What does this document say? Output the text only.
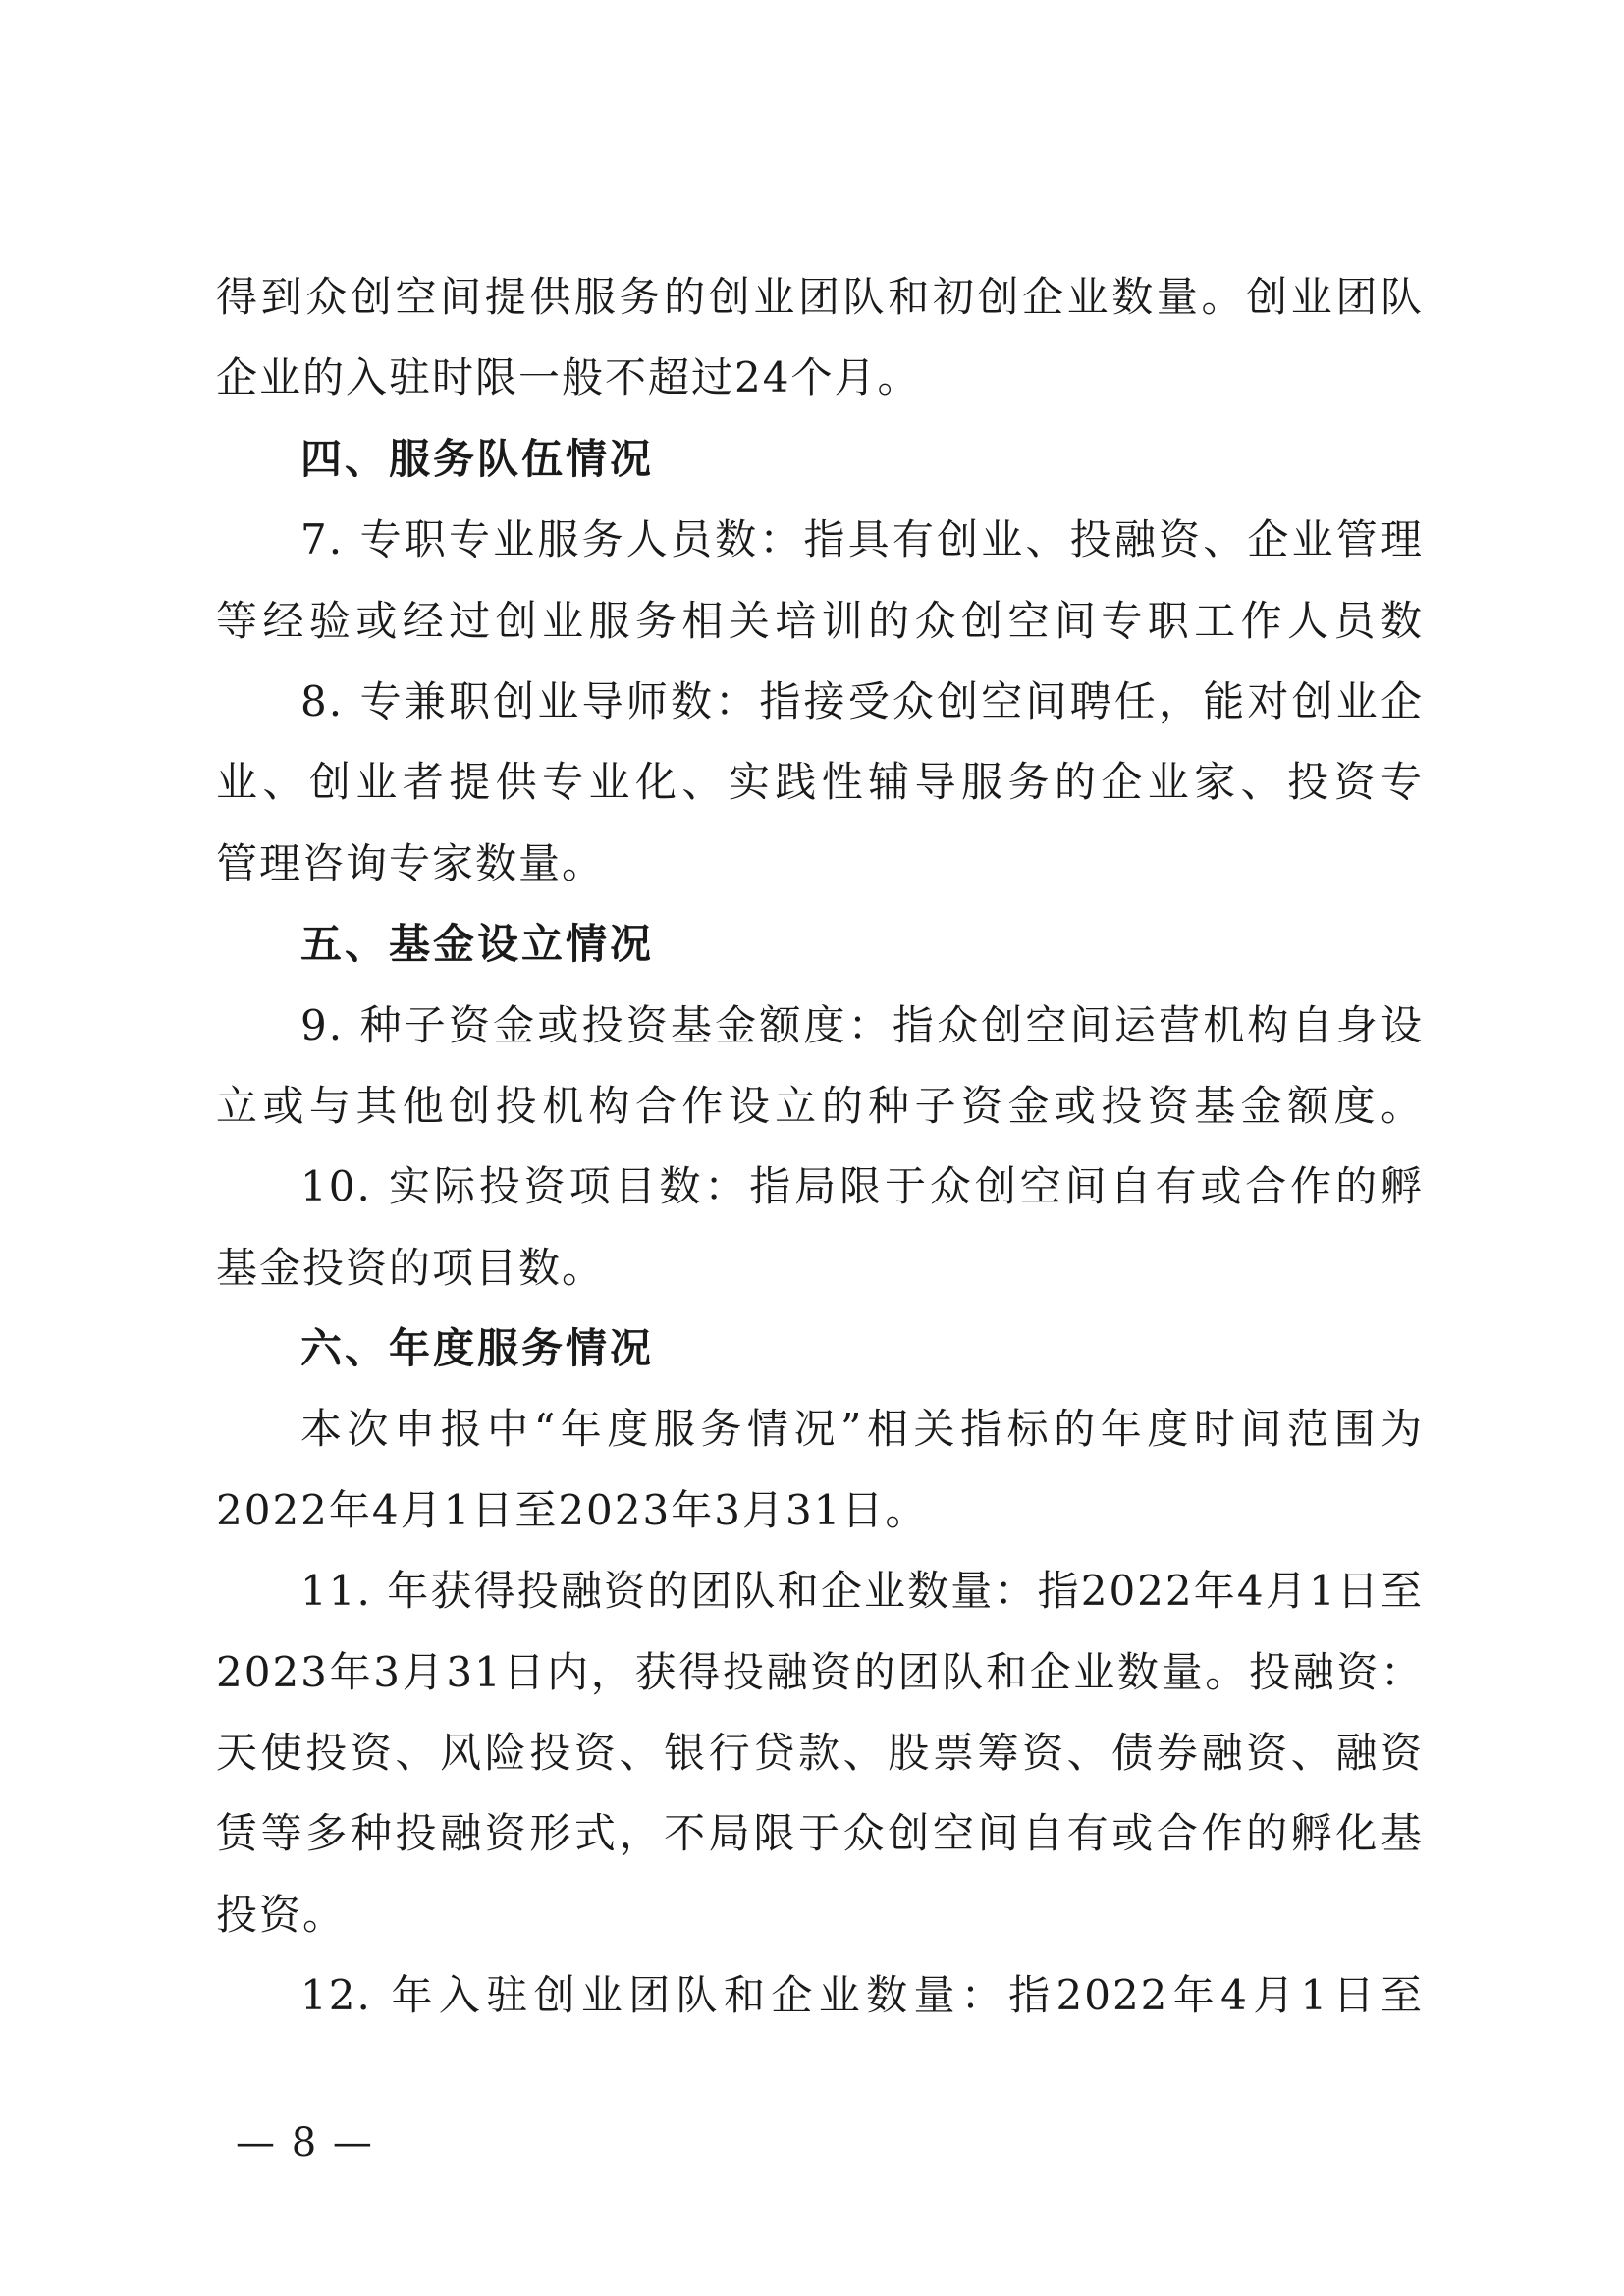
得到众创空间提供服务的创业团队和初创企业数量。创业团队
企业的入驻时限一般不超过24个月。
四、服务队伍情况
7. 专职专业服务人员数：指具有创业、投融资、企业管理
等经验或经过创业服务相关培训的众创空间专职工作人员数
8. 专兼职创业导师数：指接受众创空间聘任，能对创业企
业、创业者提供专业化、实践性辅导服务的企业家、投资专
管理咨询专家数量。
五、基金设立情况
9. 种子资金或投资基金额度：指众创空间运营机构自身设
立或与其他创投机构合作设立的种子资金或投资基金额度。
10. 实际投资项目数：指局限于众创空间自有或合作的孵
基金投资的项目数。
六、年度服务情况
本次申报中“年度服务情况”相关指标的年度时间范围为
2022年4月1日至2023年3月31日。
11. 年获得投融资的团队和企业数量：指2022年4月1日至
2023年3月31日内，获得投融资的团队和企业数量。投融资：
天使投资、风险投资、银行贷款、股票筹资、债券融资、融资
赁等多种投融资形式，不局限于众创空间自有或合作的孵化基
投资。
12. 年入驻创业团队和企业数量：指2022年4月1日至
— 8 —
